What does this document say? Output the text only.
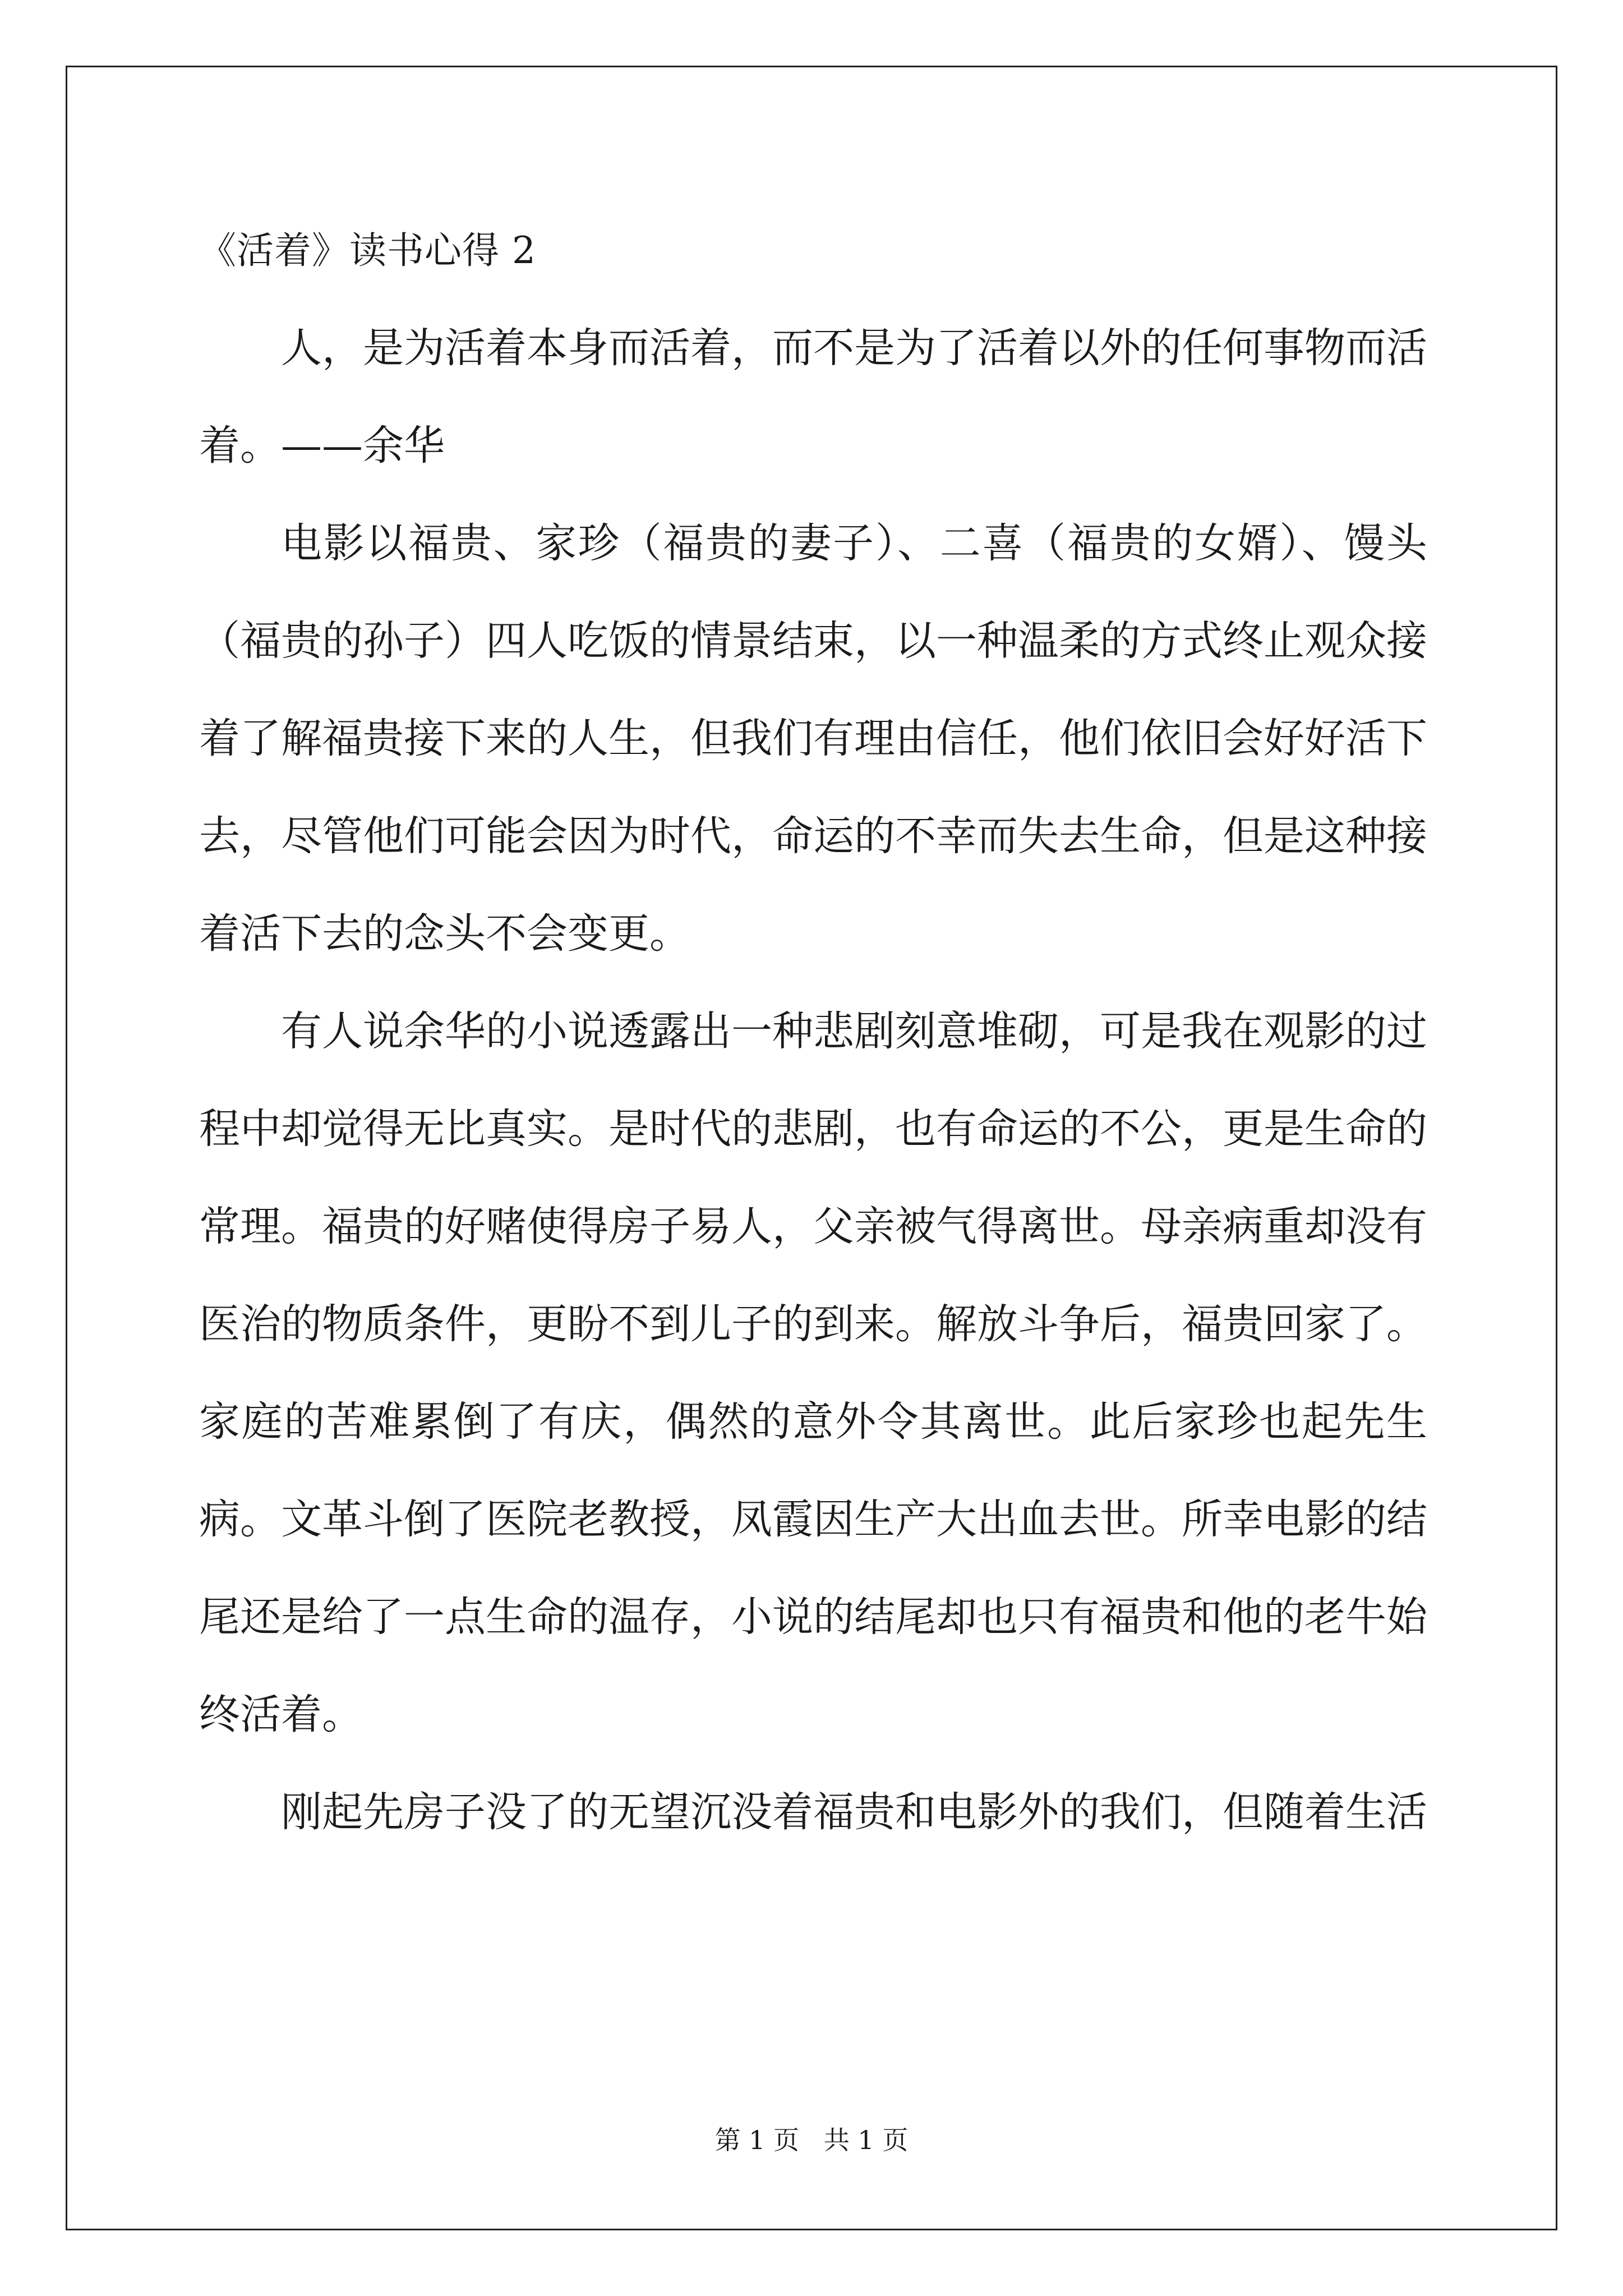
《活着》读书心得 2

人，是为活着本身而活着，而不是为了活着以外的任何事物而活着。——余华

电影以福贵、家珍（福贵的妻子）、二喜（福贵的女婿）、馒头（福贵的孙子）四人吃饭的情景结束，以一种温柔的方式终止观众接着了解福贵接下来的人生，但我们有理由信任，他们依旧会好好活下去，尽管他们可能会因为时代，命运的不幸而失去生命，但是这种接着活下去的念头不会变更。

有人说余华的小说透露出一种悲剧刻意堆砌，可是我在观影的过程中却觉得无比真实。是时代的悲剧，也有命运的不公，更是生命的常理。福贵的好赌使得房子易人，父亲被气得离世。母亲病重却没有医治的物质条件，更盼不到儿子的到来。解放斗争后，福贵回家了。家庭的苦难累倒了有庆，偶然的意外令其离世。此后家珍也起先生病。文革斗倒了医院老教授，凤霞因生产大出血去世。所幸电影的结尾还是给了一点生命的温存，小说的结尾却也只有福贵和他的老牛始终活着。

刚起先房子没了的无望沉没着福贵和电影外的我们，但随着生活

第 1 页   共 1 页
